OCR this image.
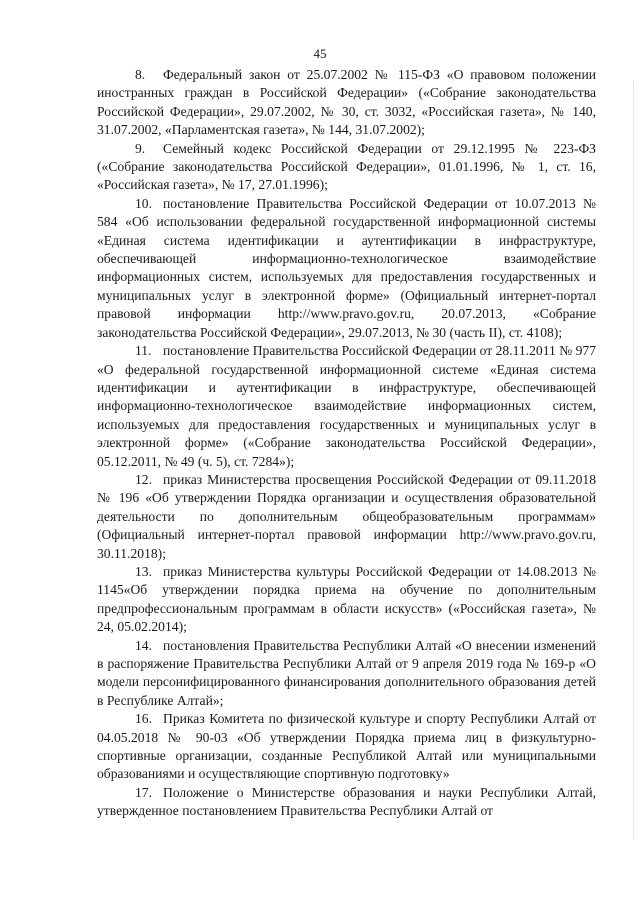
45

8. Федеральный закон от 25.07.2002 № 115-ФЗ «О правовом положении иностранных граждан в Российской Федерации» («Собрание законодательства Российской Федерации», 29.07.2002, № 30, ст. 3032, «Российская газета», № 140, 31.07.2002, «Парламентская газета», № 144, 31.07.2002);

9. Семейный кодекс Российской Федерации от 29.12.1995 № 223-ФЗ («Собрание законодательства Российской Федерации», 01.01.1996, № 1, ст. 16, «Российская газета», № 17, 27.01.1996);

10. постановление Правительства Российской Федерации от 10.07.2013 № 584 «Об использовании федеральной государственной информационной системы «Единая система идентификации и аутентификации в инфраструктуре, обеспечивающей информационно-технологическое взаимодействие информационных систем, используемых для предоставления государственных и муниципальных услуг в электронной форме» (Официальный интернет-портал правовой информации http://www.pravo.gov.ru, 20.07.2013, «Собрание законодательства Российской Федерации», 29.07.2013, № 30 (часть II), ст. 4108);

11. постановление Правительства Российской Федерации от 28.11.2011 № 977 «О федеральной государственной информационной системе «Единая система идентификации и аутентификации в инфраструктуре, обеспечивающей информационно-технологическое взаимодействие информационных систем, используемых для предоставления государственных и муниципальных услуг в электронной форме» («Собрание законодательства Российской Федерации», 05.12.2011, № 49 (ч. 5), ст. 7284»);

12. приказ Министерства просвещения Российской Федерации от 09.11.2018 № 196 «Об утверждении Порядка организации и осуществления образовательной деятельности по дополнительным общеобразовательным программам» (Официальный интернет-портал правовой информации http://www.pravo.gov.ru, 30.11.2018);

13. приказ Министерства культуры Российской Федерации от 14.08.2013 № 1145«Об утверждении порядка приема на обучение по дополнительным предпрофессиональным программам в области искусств» («Российская газета», № 24, 05.02.2014);

14. постановления Правительства Республики Алтай «О внесении изменений в распоряжение Правительства Республики Алтай от 9 апреля 2019 года № 169-р «О модели персонифицированного финансирования дополнительного образования детей в Республике Алтай»;

16. Приказ Комитета по физической культуре и спорту Республики Алтай от 04.05.2018 № 90-03 «Об утверждении Порядка приема лиц в физкультурно-спортивные организации, созданные Республикой Алтай или муниципальными образованиями и осуществляющие спортивную подготовку»

17. Положение о Министерстве образования и науки Республики Алтай, утвержденное постановлением Правительства Республики Алтай от
